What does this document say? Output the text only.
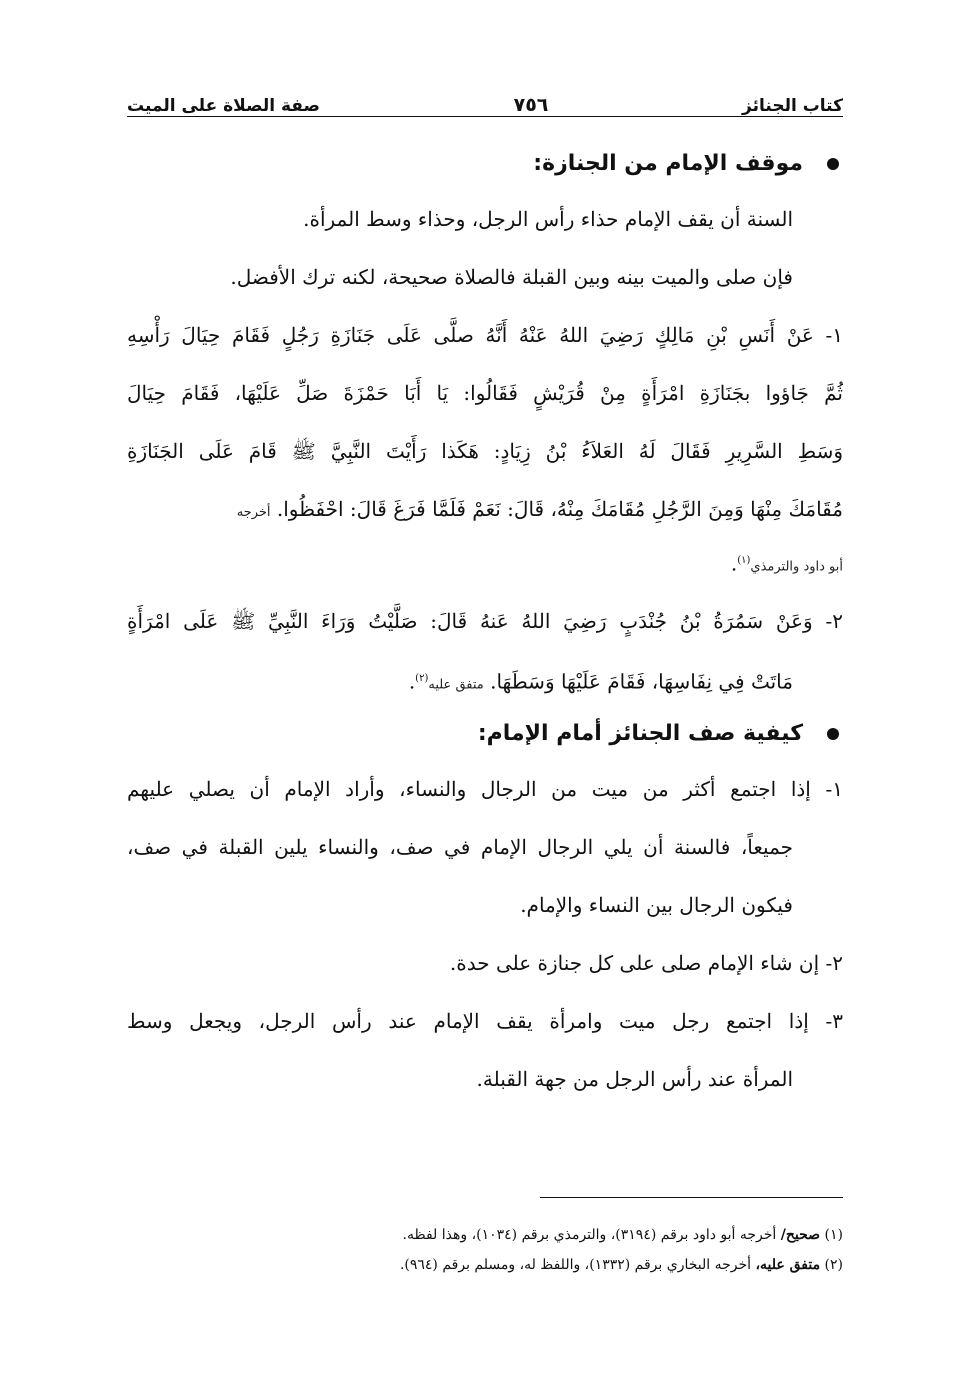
كتاب الجنائز
٧٥٦
صفة الصلاة على الميت
موقف الإمام من الجنازة:
السنة أن يقف الإمام حذاء رأس الرجل، وحذاء وسط المرأة.
فإن صلى والميت بينه وبين القبلة فالصلاة صحيحة، لكنه ترك الأفضل.
١- عَنْ أَنَسِ بْنِ مَالِكٍ رَضِيَ اللهُ عَنْهُ أَنَّهُ صلَّى عَلَى جَنَازَةِ رَجُلٍ فَقَامَ حِيَالَ رَأْسِهِ
ثُمَّ جَاؤوا بجَنَازَةِ امْرَأَةٍ مِنْ قُرَيْشٍ فَقَالُوا: يَا أَبَا حَمْزَةَ صَلِّ عَلَيْهَا، فَقَامَ حِيَالَ
وَسَطِ السَّرِيرِ فَقَالَ لَهُ العَلاَءُ بْنُ زِيَادٍ: هَكَذا رَأَيْتَ النَّبِيَّ ﷺ قَامَ عَلَى الجَنَازَةِ
مُقَامَكَ مِنْهَا وَمِنَ الرَّجُلِ مُقَامَكَ مِنْهُ، قَالَ: نَعَمْ فَلَمَّا فَرَغَ قَالَ: احْفَظُوا. أخرجه
أبو داود والترمذي$^{(١)}$.
٢- وَعَنْ سَمُرَةُ بْنُ جُنْدَبٍ رَضِيَ اللهُ عَنهُ قَالَ: صَلَّيْتُ وَرَاءَ النَّبِيِّ ﷺ عَلَى امْرَأَةٍ
مَاتَتْ فِي نِفَاسِهَا، فَقَامَ عَلَيْهَا وَسَطَهَا. متفق عليه$^{(٢)}$.
كيفية صف الجنائز أمام الإمام:
١- إذا اجتمع أكثر من ميت من الرجال والنساء، وأراد الإمام أن يصلي عليهم
جميعاً، فالسنة أن يلي الرجال الإمام في صف، والنساء يلين القبلة في صف،
فيكون الرجال بين النساء والإمام.
٢- إن شاء الإمام صلى على كل جنازة على حدة.
٣- إذا اجتمع رجل ميت وامرأة يقف الإمام عند رأس الرجل، ويجعل وسط
المرأة عند رأس الرجل من جهة القبلة.
(١) صحيح/ أخرجه أبو داود برقم (٣١٩٤)، والترمذي برقم (١٠٣٤)، وهذا لفظه.
(٢) متفق عليه، أخرجه البخاري برقم (١٣٣٢)، واللفظ له، ومسلم برقم (٩٦٤).
